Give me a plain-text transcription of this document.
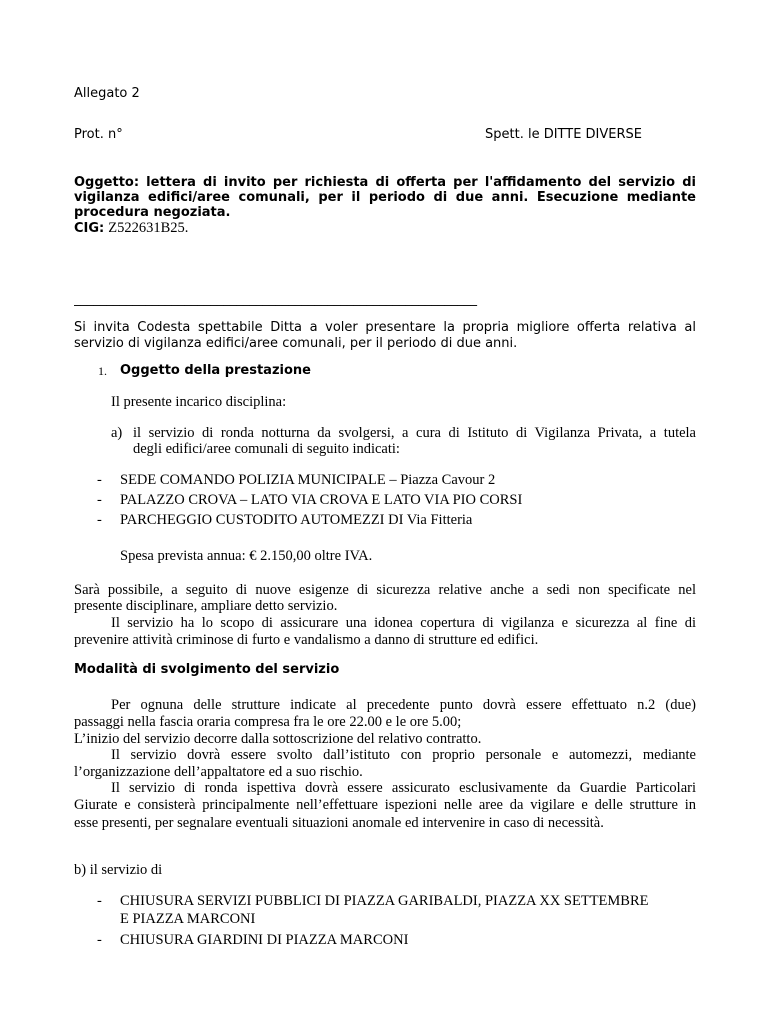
Allegato 2
Prot. n°	Spett. le DITTE DIVERSE
Oggetto: lettera di invito per richiesta di offerta per l'affidamento del servizio di
vigilanza edifici/aree comunali, per il periodo di due anni. Esecuzione mediante
procedura negoziata.
CIG: Z522631B25.
______________________________________________________________
Si invita Codesta spettabile Ditta a voler presentare la propria migliore offerta relativa al
servizio di vigilanza edifici/aree comunali, per il periodo di due anni.
1. Oggetto della prestazione
Il presente incarico disciplina:
a) il servizio di ronda notturna da svolgersi, a cura di Istituto di Vigilanza Privata, a tutela
degli edifici/aree comunali di seguito indicati:
- SEDE COMANDO POLIZIA MUNICIPALE – Piazza Cavour 2
- PALAZZO CROVA – LATO VIA CROVA E LATO VIA PIO CORSI
- PARCHEGGIO CUSTODITO AUTOMEZZI DI Via Fitteria
Spesa prevista annua: € 2.150,00 oltre IVA.
Sarà possibile, a seguito di nuove esigenze di sicurezza relative anche a sedi non specificate nel
presente disciplinare, ampliare detto servizio.
Il servizio ha lo scopo di assicurare una idonea copertura di vigilanza e sicurezza al fine di
prevenire attività criminose di furto e vandalismo a danno di strutture ed edifici.
Modalità di svolgimento del servizio
Per ognuna delle strutture indicate al precedente punto dovrà essere effettuato n.2 (due)
passaggi nella fascia oraria compresa fra le ore 22.00 e le ore 5.00;
L’inizio del servizio decorre dalla sottoscrizione del relativo contratto.
Il servizio dovrà essere svolto dall’istituto con proprio personale e automezzi, mediante
l’organizzazione dell’appaltatore ed a suo rischio.
Il servizio di ronda ispettiva dovrà essere assicurato esclusivamente da Guardie Particolari
Giurate e consisterà principalmente nell’effettuare ispezioni nelle aree da vigilare e delle strutture in
esse presenti, per segnalare eventuali situazioni anomale ed intervenire in caso di necessità.
b) il servizio di
- CHIUSURA SERVIZI PUBBLICI DI PIAZZA GARIBALDI, PIAZZA XX SETTEMBRE
E PIAZZA MARCONI
- CHIUSURA GIARDINI DI PIAZZA MARCONI
